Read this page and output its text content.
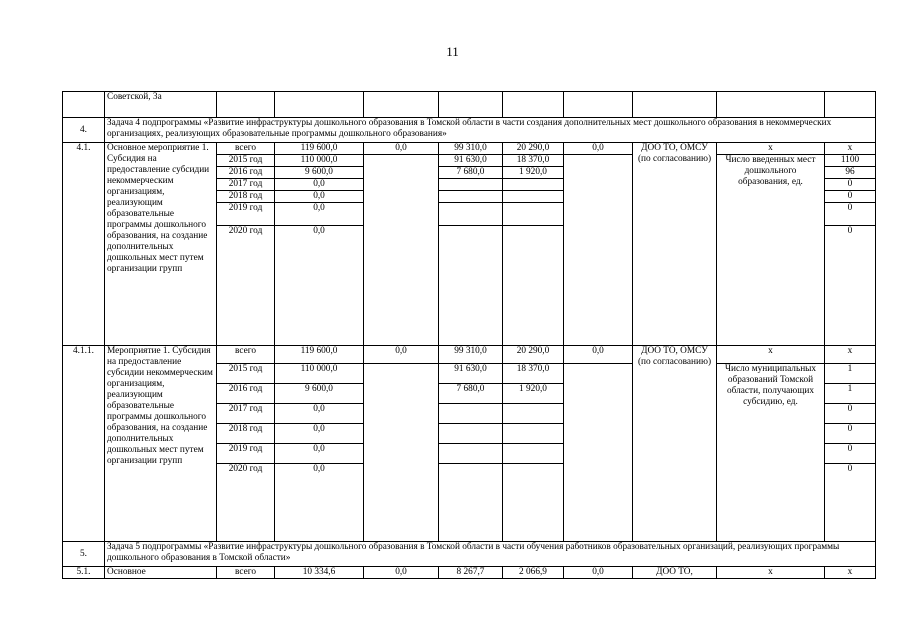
11
	Советской, 3а									
4.	Задача 4 подпрограммы «Развитие инфраструктуры дошкольного образования в Томской области в части создания дополнительных мест дошкольного образования в некоммерческих организациях, реализующих образовательные программы дошкольного образования»									
4.1.	Основное мероприятие 1. Субсидия на предоставление субсидии некоммерческим организациям, реализующим образовательные программы дошкольного образования, на создание дополнительных дошкольных мест путем организации групп	всего	119 600,0	0,0	99 310,0	20 290,0	0,0	ДОО ТО, ОМСУ (по согласованию)	х	х
		2015 год	110 000,0		91 630,0	18 370,0			Число введенных мест дошкольного образования, ед.	1100
		2016 год	9 600,0		7 680,0	1 920,0				96
		2017 год	0,0							0
		2018 год	0,0							0
		2019 год	0,0							0
		2020 год	0,0							0
4.1.1.	Мероприятие 1. Субсидия на предоставление субсидии некоммерческим организациям, реализующим образовательные программы дошкольного образования, на создание дополнительных дошкольных мест путем организации групп	всего	119 600,0	0,0	99 310,0	20 290,0	0,0	ДОО ТО, ОМСУ (по согласованию)	х	х
		2015 год	110 000,0		91 630,0	18 370,0			Число муниципальных образований Томской области, получающих субсидию, ед.	1
		2016 год	9 600,0		7 680,0	1 920,0				1
		2017 год	0,0							0
		2018 год	0,0							0
		2019 год	0,0							0
		2020 год	0,0							0
5.	Задача 5 подпрограммы «Развитие инфраструктуры дошкольного образования в Томской области в части обучения работников образовательных организаций, реализующих программы дошкольного образования в Томской области»									
5.1.	Основное	всего	10 334,6	0,0	8 267,7	2 066,9	0,0	ДОО ТО,	х	х
